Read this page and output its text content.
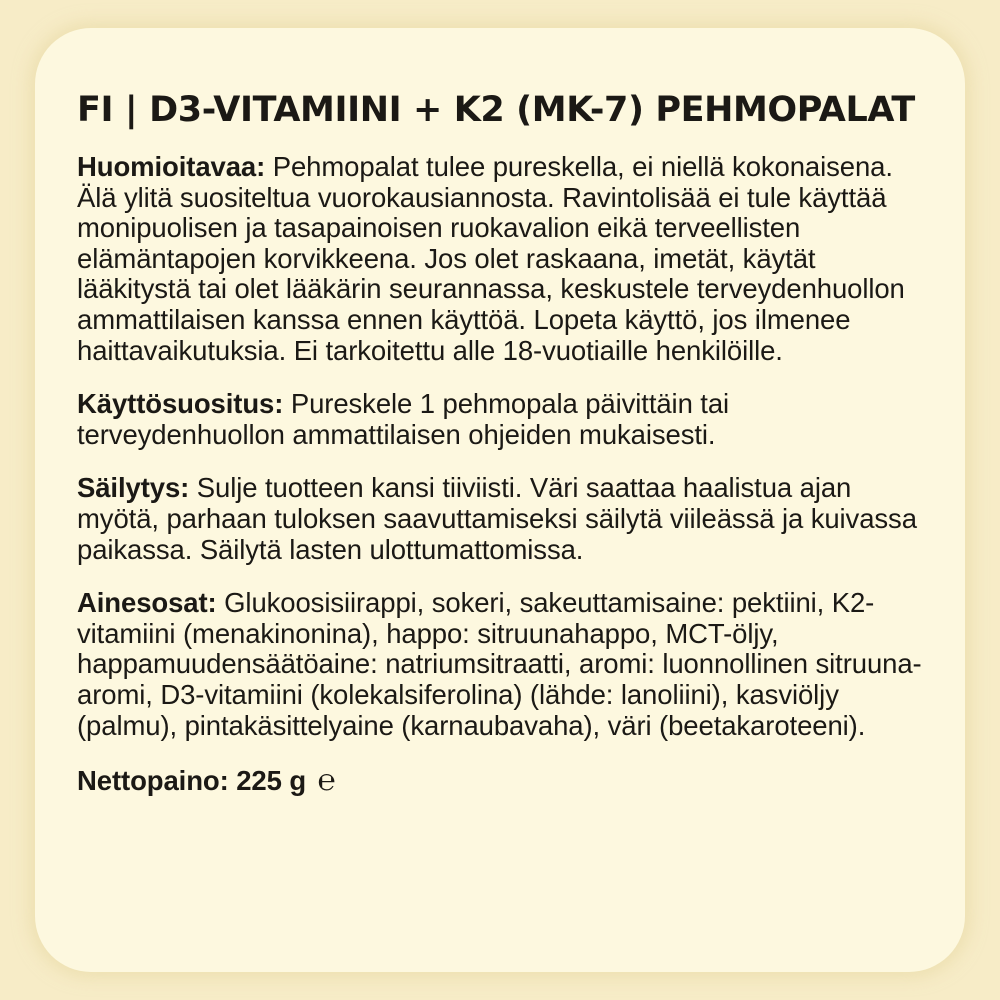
FI | D3-VITAMIINI + K2 (MK-7) PEHMOPALAT

Huomioitavaa: Pehmopalat tulee pureskella, ei niellä kokonaisena. Älä ylitä suositeltua vuorokausiannosta. Ravintolisää ei tule käyttää monipuolisen ja tasapainoisen ruokavalion eikä terveellisten elämäntapojen korvikkeena. Jos olet raskaana, imetät, käytät lääkitystä tai olet lääkärin seurannassa, keskustele terveydenhuollon ammattilaisen kanssa ennen käyttöä. Lopeta käyttö, jos ilmenee haittavaikutuksia. Ei tarkoitettu alle 18-vuotiaille henkilöille.

Käyttösuositus: Pureskele 1 pehmopala päivittäin tai terveydenhuollon ammattilaisen ohjeiden mukaisesti.

Säilytys: Sulje tuotteen kansi tiiviisti. Väri saattaa haalistua ajan myötä, parhaan tuloksen saavuttamiseksi säilytä viileässä ja kuivassa paikassa. Säilytä lasten ulottumattomissa.

Ainesosat: Glukoosisiirappi, sokeri, sakeuttamisaine: pektiini, K2-vitamiini (menakinonina), happo: sitruunahappo, MCT-öljy, happamuudensäätöaine: natriumsitraatti, aromi: luonnollinen sitruuna-aromi, D3-vitamiini (kolekalsiferolina) (lähde: lanoliini), kasviöljy (palmu), pintakäsittelyaine (karnaubavaha), väri (beetakaroteeni).

Nettopaino: 225 g ℮
